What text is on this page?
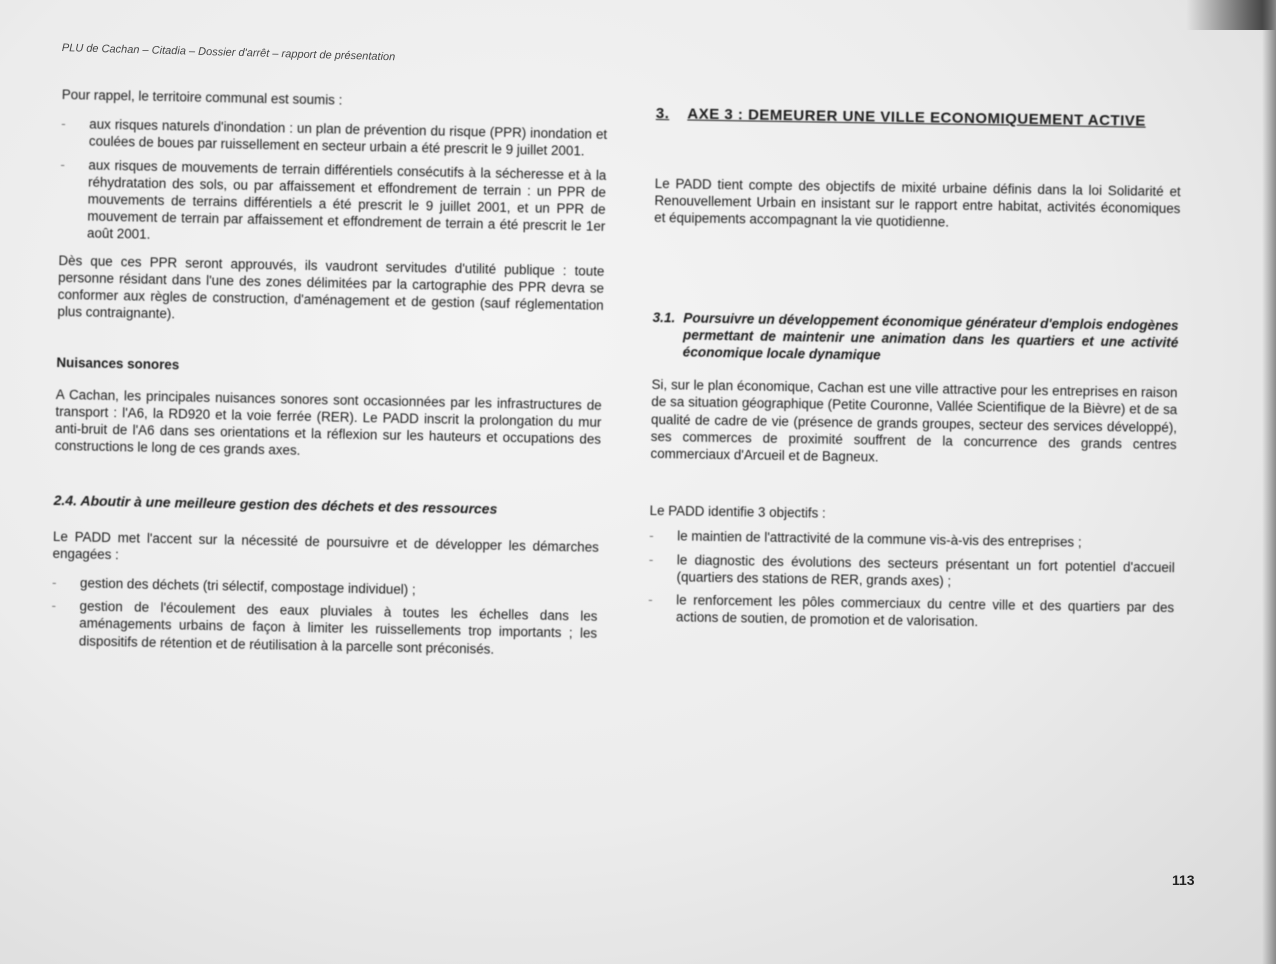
PLU de Cachan – Citadia – Dossier d'arrêt – rapport de présentation

Pour rappel, le territoire communal est soumis :

- aux risques naturels d'inondation : un plan de prévention du risque (PPR) inondation et coulées de boues par ruissellement en secteur urbain a été prescrit le 9 juillet 2001.
- aux risques de mouvements de terrain différentiels consécutifs à la sécheresse et à la réhydratation des sols, ou par affaissement et effondrement de terrain : un PPR de mouvements de terrains différentiels a été prescrit le 9 juillet 2001, et un PPR de mouvement de terrain par affaissement et effondrement de terrain a été prescrit le 1er août 2001.

Dès que ces PPR seront approuvés, ils vaudront servitudes d'utilité publique : toute personne résidant dans l'une des zones délimitées par la cartographie des PPR devra se conformer aux règles de construction, d'aménagement et de gestion (sauf réglementation plus contraignante).

Nuisances sonores

A Cachan, les principales nuisances sonores sont occasionnées par les infrastructures de transport : l'A6, la RD920 et la voie ferrée (RER). Le PADD inscrit la prolongation du mur anti-bruit de l'A6 dans ses orientations et la réflexion sur les hauteurs et occupations des constructions le long de ces grands axes.

2.4. Aboutir à une meilleure gestion des déchets et des ressources

Le PADD met l'accent sur la nécessité de poursuivre et de développer les démarches engagées :

- gestion des déchets (tri sélectif, compostage individuel) ;
- gestion de l'écoulement des eaux pluviales à toutes les échelles dans les aménagements urbains de façon à limiter les ruissellements trop importants ; les dispositifs de rétention et de réutilisation à la parcelle sont préconisés.
3. AXE 3 : DEMEURER UNE VILLE ECONOMIQUEMENT ACTIVE

Le PADD tient compte des objectifs de mixité urbaine définis dans la loi Solidarité et Renouvellement Urbain en insistant sur le rapport entre habitat, activités économiques et équipements accompagnant la vie quotidienne.

3.1. Poursuivre un développement économique générateur d'emplois endogènes permettant de maintenir une animation dans les quartiers et une activité économique locale dynamique

Si, sur le plan économique, Cachan est une ville attractive pour les entreprises en raison de sa situation géographique (Petite Couronne, Vallée Scientifique de la Bièvre) et de sa qualité de cadre de vie (présence de grands groupes, secteur des services développé), ses commerces de proximité souffrent de la concurrence des grands centres commerciaux d'Arcueil et de Bagneux.

Le PADD identifie 3 objectifs :

- le maintien de l'attractivité de la commune vis-à-vis des entreprises ;
- le diagnostic des évolutions des secteurs présentant un fort potentiel d'accueil (quartiers des stations de RER, grands axes) ;
- le renforcement les pôles commerciaux du centre ville et des quartiers par des actions de soutien, de promotion et de valorisation.
113
